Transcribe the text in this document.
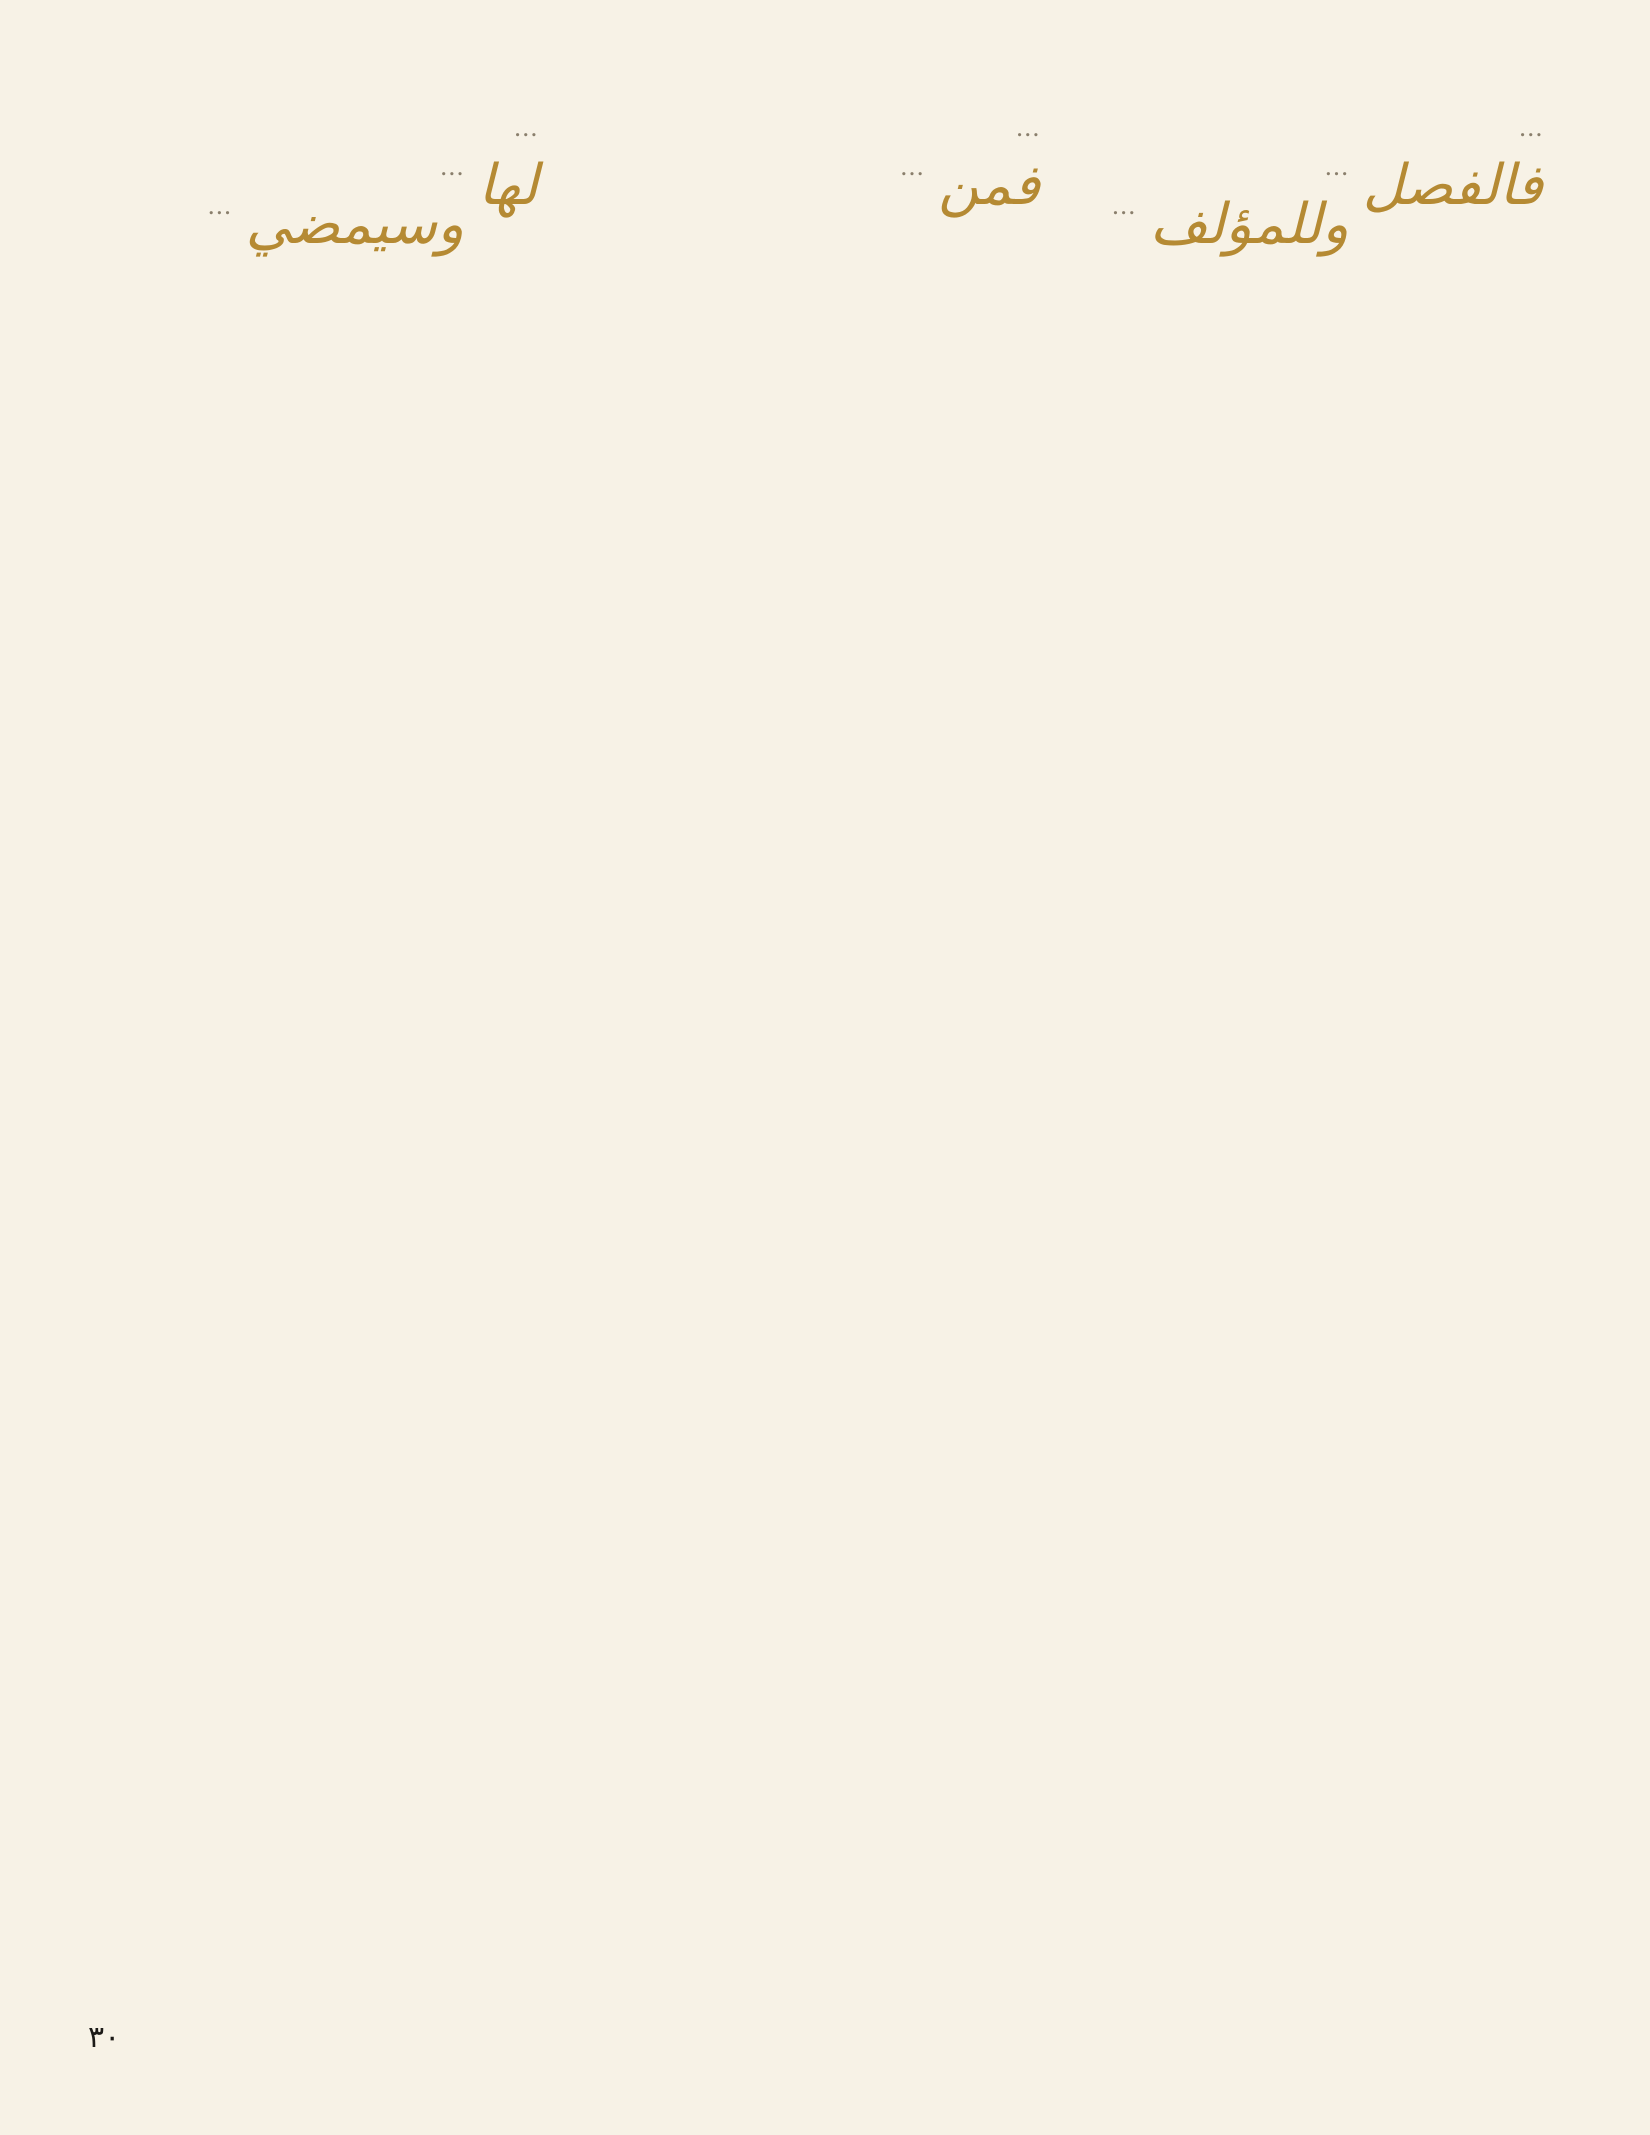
…

فالفصل

…

وللمؤلف

…

…

فمن

…

…

لها

…

وسيمضي

…

٣٠
